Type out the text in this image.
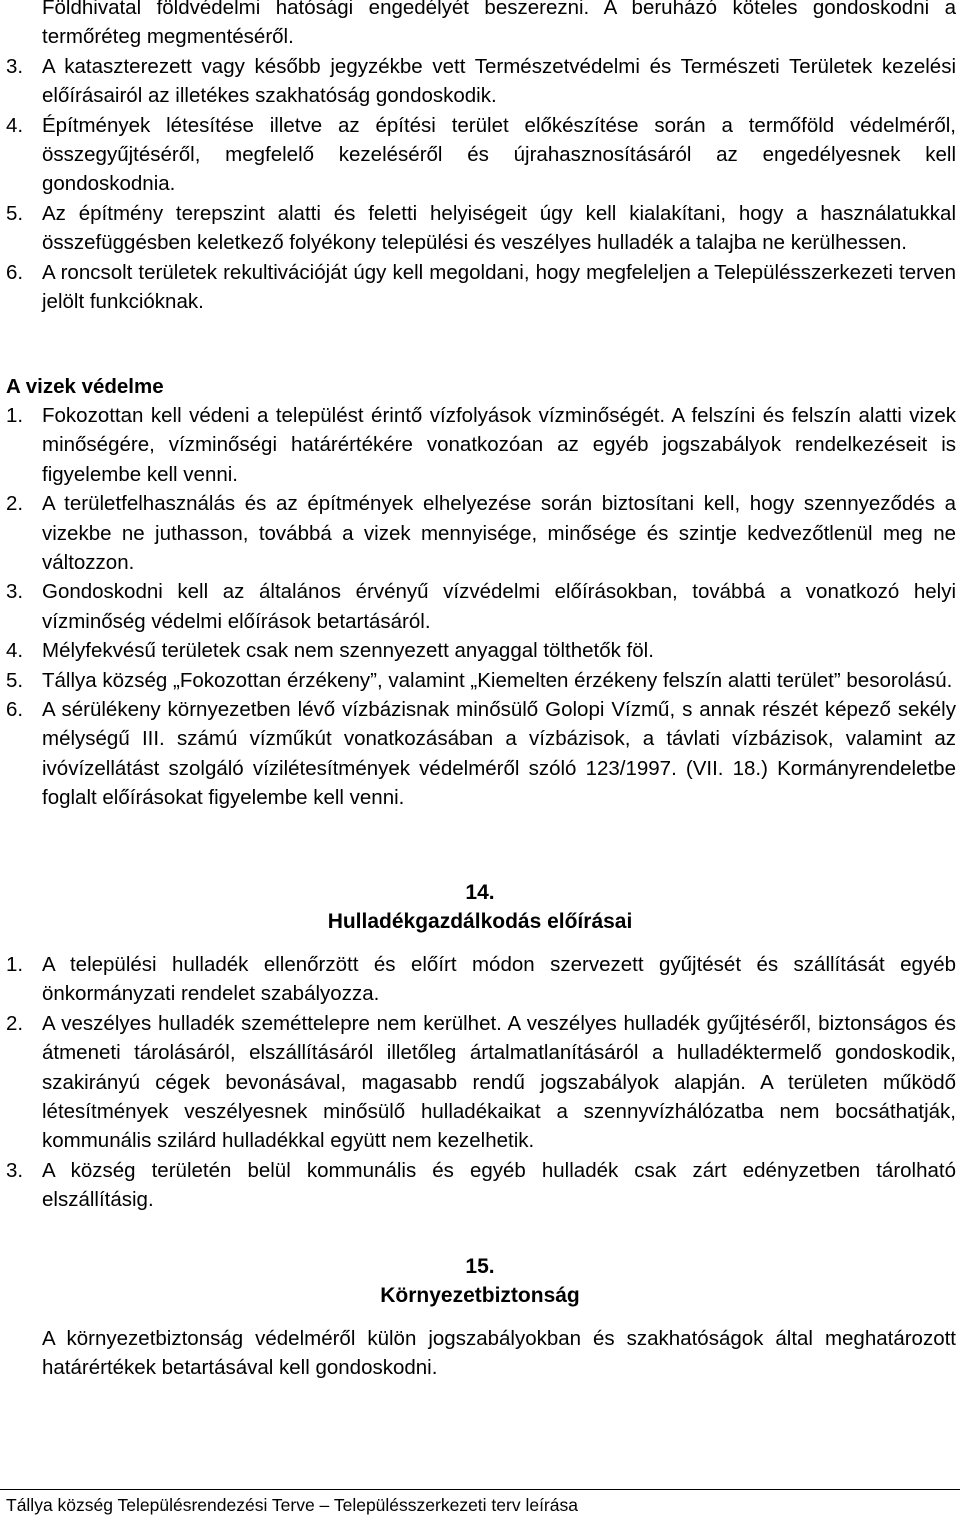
Földhivatal földvédelmi hatósági engedélyét beszerezni. A beruházó köteles gondoskodni a termőréteg megmentéséről.
3. A kataszterezett vagy később jegyzékbe vett Természetvédelmi és Természeti Területek kezelési előírásairól az illetékes szakhatóság gondoskodik.
4. Építmények létesítése illetve az építési terület előkészítése során a termőföld védelméről, összegyűjtéséről, megfelelő kezeléséről és újrahasznosításáról az engedélyesnek kell gondoskodnia.
5. Az építmény terepszint alatti és feletti helyiségeit úgy kell kialakítani, hogy a használatukkal összefüggésben keletkező folyékony települési és veszélyes hulladék a talajba ne kerülhessen.
6. A roncsolt területek rekultivációját úgy kell megoldani, hogy megfeleljen a Településszerkezeti terven jelölt funkcióknak.
A vizek védelme
1. Fokozottan kell védeni a települést érintő vízfolyások vízminőségét. A felszíni és felszín alatti vizek minőségére, vízminőségi határértékére vonatkozóan az egyéb jogszabályok rendelkezéseit is figyelembe kell venni.
2. A területfelhasználás és az építmények elhelyezése során biztosítani kell, hogy szennyeződés a vizekbe ne juthasson, továbbá a vizek mennyisége, minősége és szintje kedvezőtlenül meg ne változzon.
3. Gondoskodni kell az általános érvényű vízvédelmi előírásokban, továbbá a vonatkozó helyi vízminőség védelmi előírások betartásáról.
4. Mélyfekvésű területek csak nem szennyezett anyaggal tölthetők föl.
5. Tállya község „Fokozottan érzékeny”, valamint „Kiemelten érzékeny felszín alatti terület” besorolású.
6. A sérülékeny környezetben lévő vízbázisnak minősülő Golopi Vízmű, s annak részét képező sekély mélységű III. számú vízműkút vonatkozásában a vízbázisok, a távlati vízbázisok, valamint az ivóvízellátást szolgáló vízilétesítmények védelméről szóló 123/1997. (VII. 18.) Kormányrendeletbe foglalt előírásokat figyelembe kell venni.
14.
Hulladékgazdálkodás előírásai
1. A települési hulladék ellenőrzött és előírt módon szervezett gyűjtését és szállítását egyéb önkormányzati rendelet szabályozza.
2. A veszélyes hulladék szeméttelepre nem kerülhet. A veszélyes hulladék gyűjtéséről, biztonságos és átmeneti tárolásáról, elszállításáról illetőleg ártalmatlanításáról a hulladéktermelő gondoskodik, szakirányú cégek bevonásával, magasabb rendű jogszabályok alapján. A területen működő létesítmények veszélyesnek minősülő hulladékaikat a szennyvízhálózatba nem bocsáthatják, kommunális szilárd hulladékkal együtt nem kezelhetik.
3. A község területén belül kommunális és egyéb hulladék csak zárt edényzetben tárolható elszállításig.
15.
Környezetbiztonság
A környezetbiztonság védelméről külön jogszabályokban és szakhatóságok által meghatározott határértékek betartásával kell gondoskodni.
Tállya község Településrendezési Terve – Településszerkezeti terv leírása
